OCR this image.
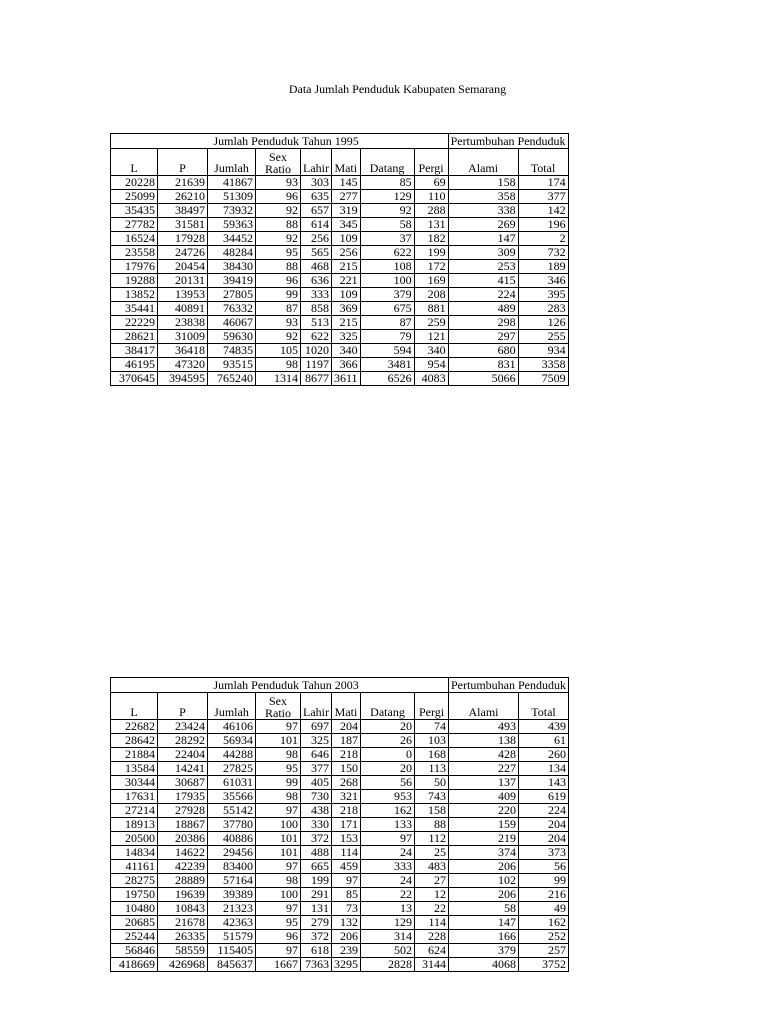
Data Jumlah Penduduk Kabupaten Semarang
		Jumlah Penduduk Tahun 1995						Pertumbuhan Penduduk	
L	P	Jumlah	Sex Ratio	Lahir	Mati	Datang	Pergi	Alami	Total
20228	21639	41867	93	303	145	85	69	158	174
25099	26210	51309	96	635	277	129	110	358	377
35435	38497	73932	92	657	319	92	288	338	142
27782	31581	59363	88	614	345	58	131	269	196
16524	17928	34452	92	256	109	37	182	147	2
23558	24726	48284	95	565	256	622	199	309	732
17976	20454	38430	88	468	215	108	172	253	189
19288	20131	39419	96	636	221	100	169	415	346
13852	13953	27805	99	333	109	379	208	224	395
35441	40891	76332	87	858	369	675	881	489	283
22229	23838	46067	93	513	215	87	259	298	126
28621	31009	59630	92	622	325	79	121	297	255
38417	36418	74835	105	1020	340	594	340	680	934
46195	47320	93515	98	1197	366	3481	954	831	3358
370645	394595	765240	1314	8677	3611	6526	4083	5066	7509
		Jumlah Penduduk Tahun 2003						Pertumbuhan Penduduk	
L	P	Jumlah	Sex Ratio	Lahir	Mati	Datang	Pergi	Alami	Total
22682	23424	46106	97	697	204	20	74	493	439
28642	28292	56934	101	325	187	26	103	138	61
21884	22404	44288	98	646	218	0	168	428	260
13584	14241	27825	95	377	150	20	113	227	134
30344	30687	61031	99	405	268	56	50	137	143
17631	17935	35566	98	730	321	953	743	409	619
27214	27928	55142	97	438	218	162	158	220	224
18913	18867	37780	100	330	171	133	88	159	204
20500	20386	40886	101	372	153	97	112	219	204
14834	14622	29456	101	488	114	24	25	374	373
41161	42239	83400	97	665	459	333	483	206	56
28275	28889	57164	98	199	97	24	27	102	99
19750	19639	39389	100	291	85	22	12	206	216
10480	10843	21323	97	131	73	13	22	58	49
20685	21678	42363	95	279	132	129	114	147	162
25244	26335	51579	96	372	206	314	228	166	252
56846	58559	115405	97	618	239	502	624	379	257
418669	426968	845637	1667	7363	3295	2828	3144	4068	3752
